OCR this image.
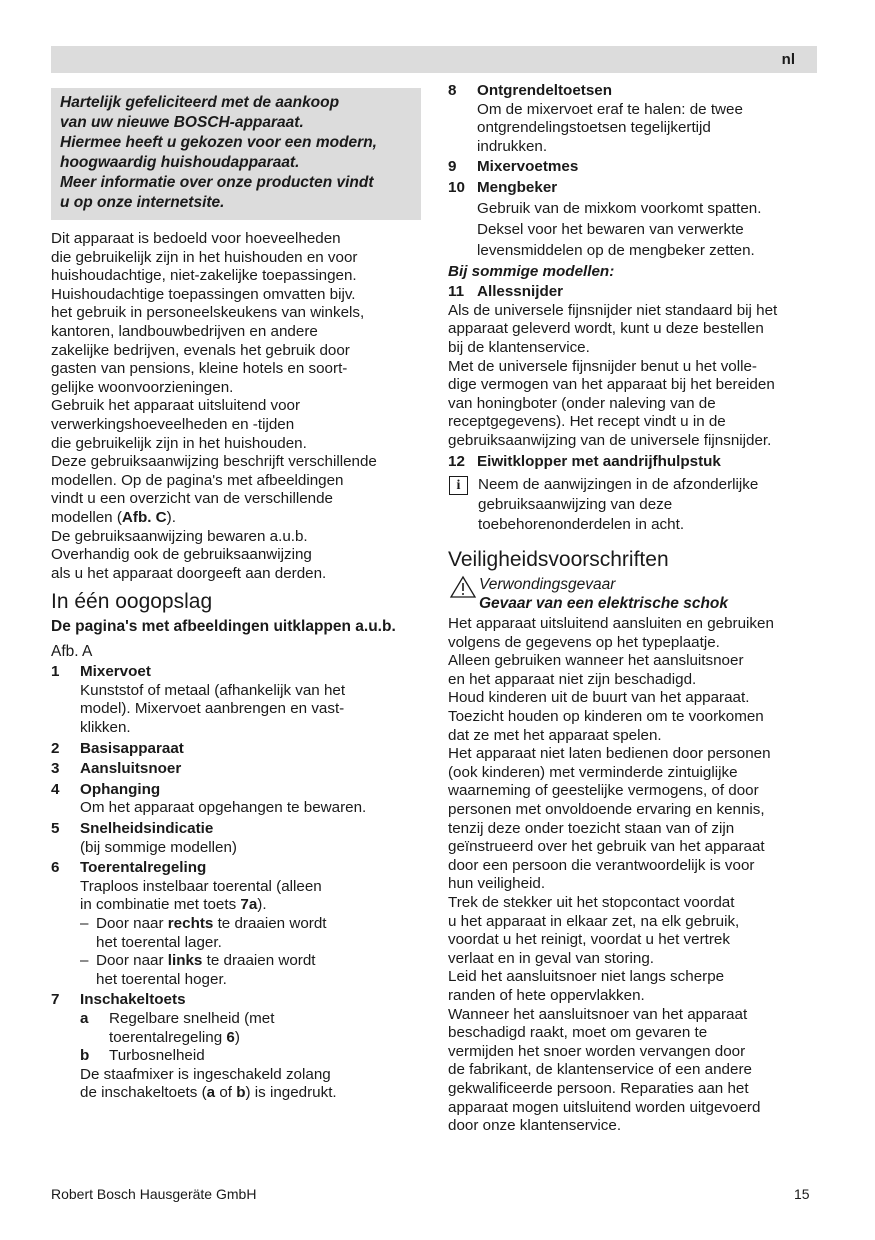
nl
Hartelijk gefeliciteerd met de aankoop
van uw nieuwe BOSCH-apparaat.
Hiermee heeft u gekozen voor een modern,
hoogwaardig huishoudapparaat.
Meer informatie over onze producten vindt
u op onze internetsite.
Dit apparaat is bedoeld voor hoeveelheden
die gebruikelijk zijn in het huishouden en voor
huishoudachtige, niet-zakelijke toepassingen.
Huishoudachtige toepassingen omvatten bijv.
het gebruik in personeelskeukens van winkels,
kantoren, landbouwbedrijven en andere
zakelijke bedrijven, evenals het gebruik door
gasten van pensions, kleine hotels en soort-
gelijke woonvoorzieningen.
Gebruik het apparaat uitsluitend voor
verwerkingshoeveelheden en -tijden
die gebruikelijk zijn in het huishouden.
Deze gebruiksaanwijzing beschrijft verschillende
modellen. Op de pagina's met afbeeldingen
vindt u een overzicht van de verschillende
modellen (Afb. C).
De gebruiksaanwijzing bewaren a.u.b.
Overhandig ook de gebruiksaanwijzing
als u het apparaat doorgeeft aan derden.
In één oogopslag
De pagina's met afbeeldingen uitklappen a.u.b.
Afb. A
1	Mixervoet
Kunststof of metaal (afhankelijk van het
model). Mixervoet aanbrengen en vast-
klikken.
2	Basisapparaat
3	Aansluitsnoer
4	Ophanging
Om het apparaat opgehangen te bewaren.
5	Snelheidsindicatie
(bij sommige modellen)
6	Toerentalregeling
Traploos instelbaar toerental (alleen
in combinatie met toets 7a).
– Door naar rechts te draaien wordt
het toerental lager.
– Door naar links te draaien wordt
het toerental hoger.
7	Inschakeltoets
a	Regelbare snelheid (met
toerentalregeling 6)
b	Turbosnelheid
De staafmixer is ingeschakeld zolang
de inschakeltoets (a of b) is ingedrukt.
8	Ontgrendeltoetsen
Om de mixervoet eraf te halen: de twee
ontgrendelingstoetsen tegelijkertijd
indrukken.
9	Mixervoetmes
10 Mengbeker
Gebruik van de mixkom voorkomt spatten.
Deksel voor het bewaren van verwerkte
levensmiddelen op de mengbeker zetten.
Bij sommige modellen:
11 Allessnijder
Als de universele fijnsnijder niet standaard bij het
apparaat geleverd wordt, kunt u deze bestellen
bij de klantenservice.
Met de universele fijnsnijder benut u het volle-
dige vermogen van het apparaat bij het bereiden
van honingboter (onder naleving van de
receptgegevens). Het recept vindt u in de
gebruiksaanwijzing van de universele fijnsnijder.
12 Eiwitklopper met aandrijfhulpstuk
i	Neem de aanwijzingen in de afzonderlijke
gebruiksaanwijzing van deze
toebehorenonderdelen in acht.
Veiligheidsvoorschriften
Verwondingsgevaar
Gevaar van een elektrische schok
Het apparaat uitsluitend aansluiten en gebruiken
volgens de gegevens op het typeplaatje.
Alleen gebruiken wanneer het aansluitsnoer
en het apparaat niet zijn beschadigd.
Houd kinderen uit de buurt van het apparaat.
Toezicht houden op kinderen om te voorkomen
dat ze met het apparaat spelen.
Het apparaat niet laten bedienen door personen
(ook kinderen) met verminderde zintuiglijke
waarneming of geestelijke vermogens, of door
personen met onvoldoende ervaring en kennis,
tenzij deze onder toezicht staan van of zijn
geïnstrueerd over het gebruik van het apparaat
door een persoon die verantwoordelijk is voor
hun veiligheid.
Trek de stekker uit het stopcontact voordat
u het apparaat in elkaar zet, na elk gebruik,
voordat u het reinigt, voordat u het vertrek
verlaat en in geval van storing.
Leid het aansluitsnoer niet langs scherpe
randen of hete oppervlakken.
Wanneer het aansluitsnoer van het apparaat
beschadigd raakt, moet om gevaren te
vermijden het snoer worden vervangen door
de fabrikant, de klantenservice of een andere
gekwalificeerde persoon. Reparaties aan het
apparaat mogen uitsluitend worden uitgevoerd
door onze klantenservice.
Robert Bosch Hausgeräte GmbH	15
